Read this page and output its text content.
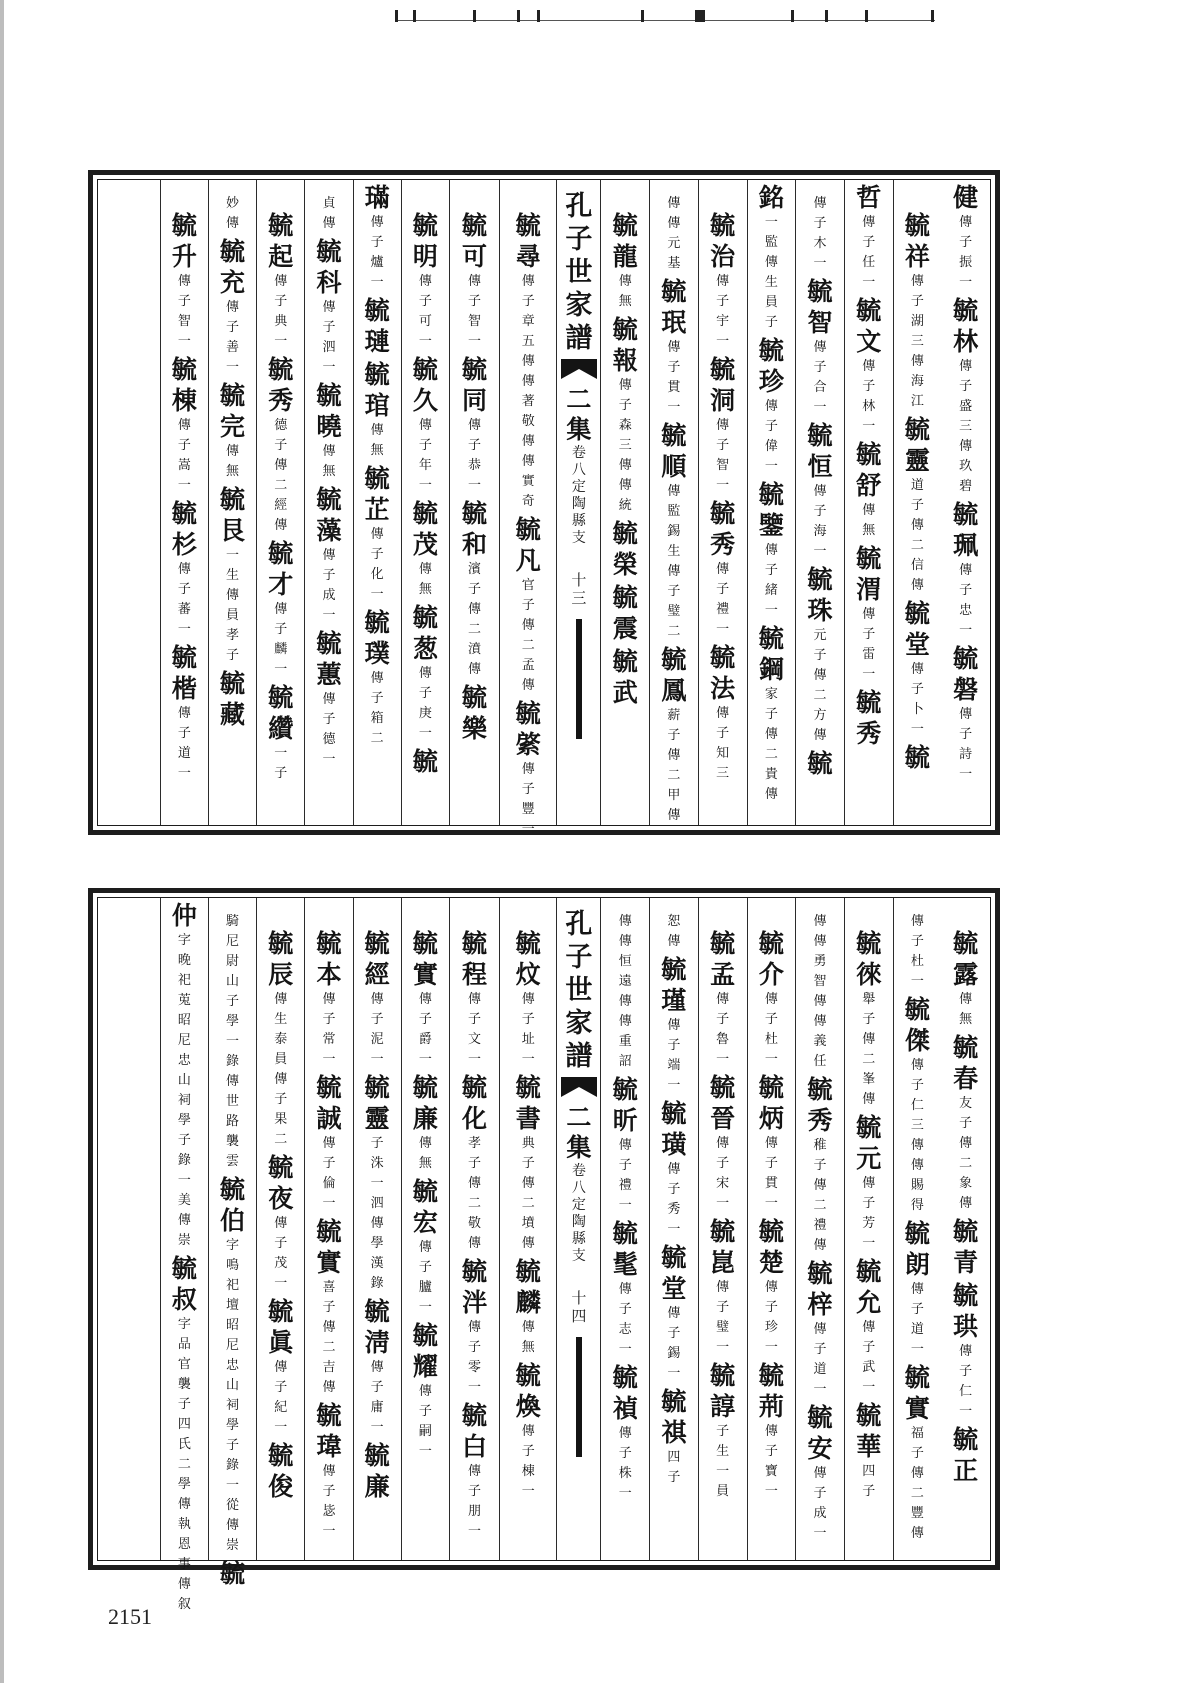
健
傳
子
振
一
毓
林
傳
子
盛
三
傳
玖
碧
毓
珮
傳
子
忠
一
毓
磐
傳
子
詩
一
毓
祥
傳
子
湖
三
傳
海
江
毓
靈
道
子
傳
二
信
傳
毓
堂
傳
子
卜
一
毓
哲
傳
子
任
一
毓
文
傳
子
林
一
毓
舒
傳
無
毓
渭
傳
子
雷
一
毓
秀
傳
子
木
一
毓
智
傳
子
合
一
毓
恒
傳
子
海
一
毓
珠
元
子
傳
二
方
傳
毓
銘
一
監
傳
生
員
子
毓
珍
傳
子
偉
一
毓
鑒
傳
子
緒
一
毓
鋼
家
子
傳
二
貴
傳
毓
治
傳
子
宇
一
毓
洞
傳
子
智
一
毓
秀
傳
子
禮
一
毓
法
傳
子
知
三
傳
傳
元
基
毓
珉
傳
子
貫
一
毓
順
傳
監
錫
生
傳
子
璧
二
毓
鳳
薪
子
傳
二
甲
傳
毓
龍
傳
無
毓
報
傳
子
森
三
傳
傳
統
毓
榮
毓
震
毓
武
孔
子
世
家
譜
二
集
卷
八
定
陶
縣
支
十
三
毓
尋
傳
子
章
五
傳
傳
著
敬
傳
傳
實
奇
毓
凡
官
子
傳
二
孟
傳
毓
綮
傳
子
豐
一
毓
可
傳
子
智
一
毓
同
傳
子
恭
一
毓
和
濱
子
傳
二
濆
傳
毓
樂
毓
明
傳
子
可
一
毓
久
傳
子
年
一
毓
茂
傳
無
毓
葱
傳
子
庚
一
毓
璊
傳
子
爐
一
毓
璉
毓
琯
傳
無
毓
芷
傳
子
化
一
毓
璞
傳
子
箱
二
貞
傳
毓
科
傳
子
泗
一
毓
曉
傳
無
毓
藻
傳
子
成
一
毓
蕙
傳
子
德
一
毓
起
傳
子
典
一
毓
秀
德
子
傳
二
經
傳
毓
才
傳
子
麟
一
毓
纘
一
子
妙
傳
毓
充
傳
子
善
一
毓
完
傳
無
毓
艮
一
生
傳
員
孝
子
毓
藏
毓
升
傳
子
智
一
毓
棟
傳
子
嵩
一
毓
杉
傳
子
蕃
一
毓
楷
傳
子
道
一
毓
露
傳
無
毓
春
友
子
傳
二
象
傳
毓
青
毓
珙
傳
子
仁
一
毓
正
傳
子
杜
一
毓
傑
傳
子
仁
三
傳
傳
賜
得
毓
朗
傳
子
道
一
毓
實
福
子
傳
二
豐
傳
毓
徠
舉
子
傳
二
峯
傳
毓
元
傳
子
芳
一
毓
允
傳
子
武
一
毓
華
四
子
傳
傳
勇
智
傳
傳
義
任
毓
秀
稚
子
傳
二
禮
傳
毓
梓
傳
子
道
一
毓
安
傳
子
成
一
毓
介
傳
子
杜
一
毓
炳
傳
子
貫
一
毓
楚
傳
子
珍
一
毓
荊
傳
子
寶
一
毓
孟
傳
子
魯
一
毓
晉
傳
子
宋
一
毓
崑
傳
子
璧
一
毓
諄
子
生
一
員
恕
傳
毓
瑾
傳
子
端
一
毓
璜
傳
子
秀
一
毓
堂
傳
子
錫
一
毓
祺
四
子
傳
傳
恒
遠
傳
傳
重
詔
毓
昕
傳
子
禮
一
毓
髦
傳
子
志
一
毓
禎
傳
子
株
一
孔
子
世
家
譜
二
集
卷
八
定
陶
縣
支
十
四
毓
炆
傳
子
址
一
毓
書
典
子
傳
二
墳
傳
毓
麟
傳
無
毓
煥
傳
子
棟
一
毓
程
傳
子
文
一
毓
化
孝
子
傳
二
敬
傳
毓
泮
傳
子
零
一
毓
白
傳
子
朋
一
毓
實
傳
子
爵
一
毓
廉
傳
無
毓
宏
傳
子
臚
一
毓
耀
傳
子
嗣
一
毓
經
傳
子
泥
一
毓
靈
子
洙
一
泗
傳
學
漢
錄
毓
淸
傳
子
庸
一
毓
廉
毓
本
傳
子
常
一
毓
誠
傳
子
倫
一
毓
實
喜
子
傳
二
吉
傳
毓
瑋
傳
子
毖
一
毓
辰
傳
生
泰
員
傳
子
果
二
毓
夜
傳
子
茂
一
毓
眞
傳
子
紀
一
毓
俊
騎
尼
尉
山
子
學
一
錄
傳
世
路
襲
雲
毓
伯
字
鳴
祀
壇
昭
尼
忠
山
祠
學
子
錄
一
從
傳
崇
毓
仲
字
晚
祀
莵
昭
尼
忠
山
祠
學
子
錄
一
美
傳
崇
毓
叔
字
品
官
襲
子
四
氏
二
學
傳
執
恩
事
傳
叙
2151
